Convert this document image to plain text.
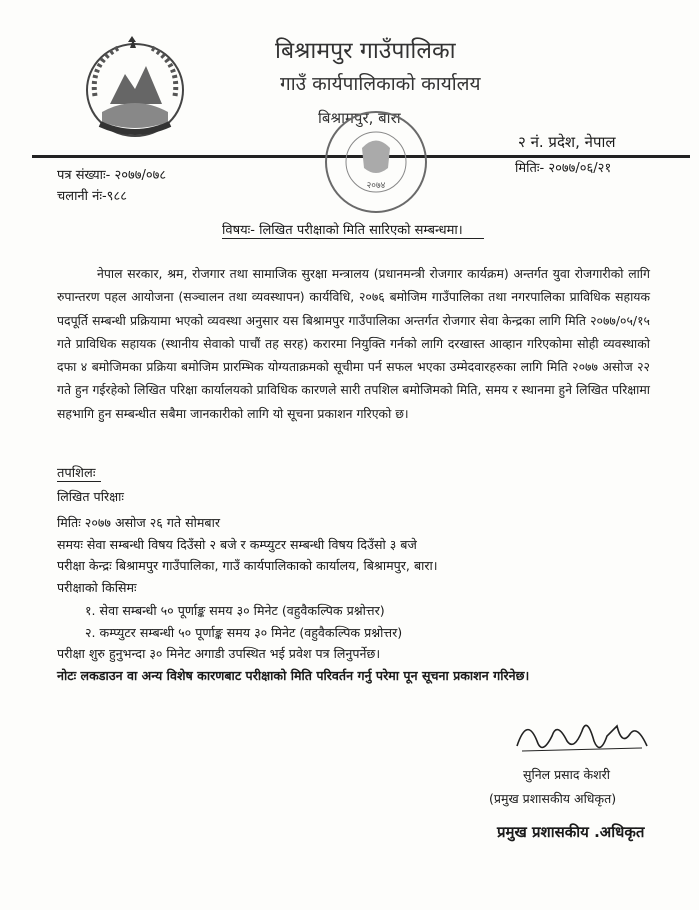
बिश्रामपुर गाउँपालिका
गाउँ कार्यपालिकाको कार्यालय
बिश्रामपुर, बारा
२ नं. प्रदेश, नेपाल
२०७४
पत्र संख्याः- २०७७/०७८
चलानी नंः-९८८
मितिः- २०७७/०६/२१
विषयः- लिखित परीक्षाको मिति सारिएको सम्बन्धमा।
नेपाल सरकार, श्रम, रोजगार तथा सामाजिक सुरक्षा मन्त्रालय (प्रधानमन्त्री रोजगार कार्यक्रम) अन्तर्गत युवा रोजगारीको लागि रुपान्तरण पहल आयोजना (सञ्चालन तथा व्यवस्थापन) कार्यविधि, २०७६ बमोजिम गाउँपालिका तथा नगरपालिका प्राविधिक सहायक पदपूर्ति सम्बन्धी प्रक्रियामा भएको व्यवस्था अनुसार यस बिश्रामपुर गाउँपालिका अन्तर्गत रोजगार सेवा केन्द्रका लागि मिति २०७७/०५/१५ गते प्राविधिक सहायक (स्थानीय सेवाको पाचौं तह सरह) करारमा नियुक्ति गर्नको लागि दरखास्त आव्हान गरिएकोमा सोही व्यवस्थाको दफा ४ बमोजिमका प्रक्रिया बमोजिम प्रारम्भिक योग्यताक्रमको सूचीमा पर्न सफल भएका उम्मेदवारहरुका लागि मिति २०७७ असोज २२ गते हुन गईरहेको लिखित परिक्षा कार्यालयको प्राविधिक कारणले सारी तपशिल बमोजिमको मिति, समय र स्थानमा हुने लिखित परिक्षामा सहभागि हुन सम्बन्धीत सबैमा जानकारीको लागि यो सूचना प्रकाशन गरिएको छ।
तपशिलः
लिखित परिक्षाः
मितिः २०७७ असोज २६ गते सोमबार
समयः सेवा सम्बन्धी विषय दिउँसो २ बजे र कम्प्युटर सम्बन्धी विषय दिउँसो ३ बजे
परीक्षा केन्द्रः बिश्रामपुर गाउँपालिका, गाउँ कार्यपालिकाको कार्यालय, बिश्रामपुर, बारा।
परीक्षाको किसिमः
१. सेवा सम्बन्धी ५० पूर्णाङ्क समय ३० मिनेट (वहुवैकल्पिक प्रश्नोत्तर)
२. कम्प्युटर सम्बन्धी ५० पूर्णाङ्क समय ३० मिनेट (वहुवैकल्पिक प्रश्नोत्तर)
परीक्षा शुरु हुनुभन्दा ३० मिनेट अगाडी उपस्थित भई प्रवेश पत्र लिनुपर्नेछ।
नोटः लकडाउन वा अन्य विशेष कारणबाट परीक्षाको मिति परिवर्तन गर्नु परेमा पून सूचना प्रकाशन गरिनेछ।
सुनिल प्रसाद केशरी
(प्रमुख प्रशासकीय अधिकृत)
प्रमुख प्रशासकीय .अधिकृत
